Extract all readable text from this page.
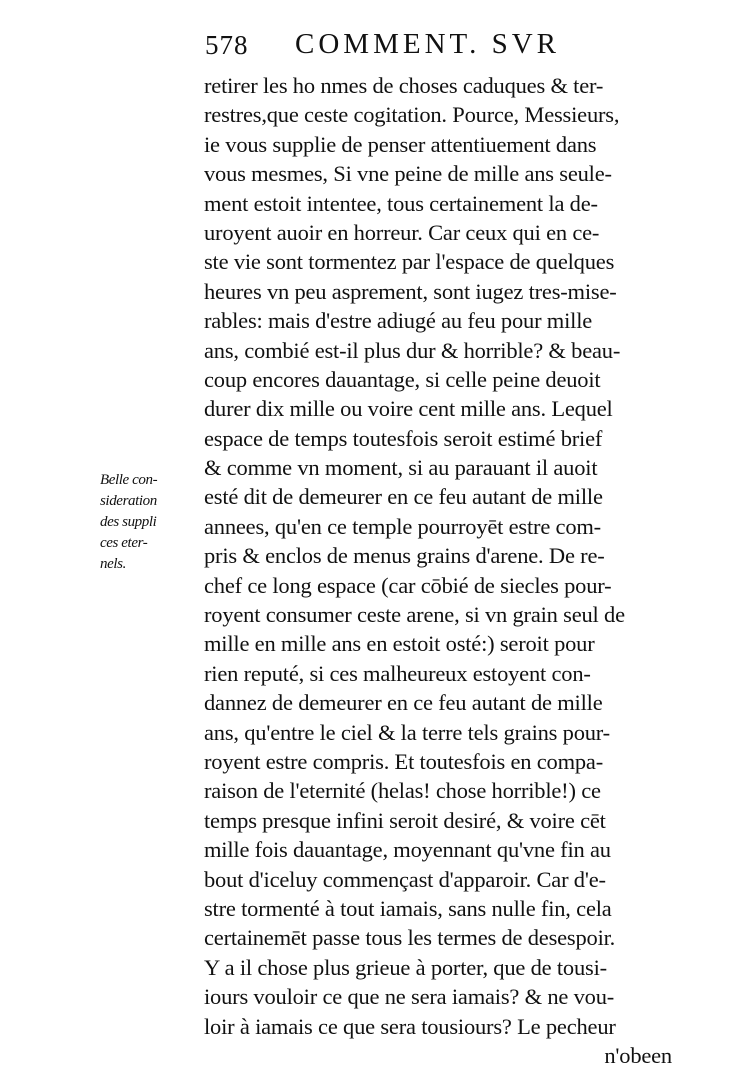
578 COMMENT. SVR
Belle con-
sideration
des suppli
ces eter-
nels.
retirer les ho nmes de choses caduques & ter-
restres,que ceste cogitation. Pource, Messieurs,
ie vous supplie de penser attentiuement dans
vous mesmes, Si vne peine de mille ans seule-
ment estoit intentee, tous certainement la de-
uroyent auoir en horreur. Car ceux qui en ce-
ste vie sont tormentez par l'espace de quelques
heures vn peu asprement, sont iugez tres-mise-
rables: mais d'estre adiugé au feu pour mille
ans, combié est-il plus dur & horrible? & beau-
coup encores dauantage, si celle peine deuoit
durer dix mille ou voire cent mille ans. Lequel
espace de temps toutesfois seroit estimé brief
& comme vn moment, si au parauant il auoit
esté dit de demeurer en ce feu autant de mille
annees, qu'en ce temple pourroyēt estre com-
pris & enclos de menus grains d'arene. De re-
chef ce long espace (car cōbié de siecles pour-
royent consumer ceste arene, si vn grain seul de
mille en mille ans en estoit osté:) seroit pour
rien reputé, si ces malheureux estoyent con-
dannez de demeurer en ce feu autant de mille
ans, qu'entre le ciel & la terre tels grains pour-
royent estre compris. Et toutesfois en compa-
raison de l'eternité (helas! chose horrible!) ce
temps presque infini seroit desiré, & voire cēt
mille fois dauantage, moyennant qu'vne fin au
bout d'iceluy commençast d'apparoir. Car d'e-
stre tormenté à tout iamais, sans nulle fin, cela
certainemēt passe tous les termes de desespoir.
Y a il chose plus grieue à porter, que de tousi-
iours vouloir ce que ne sera iamais? & ne vou-
loir à iamais ce que sera tousiours? Le pecheur
n'obeen
